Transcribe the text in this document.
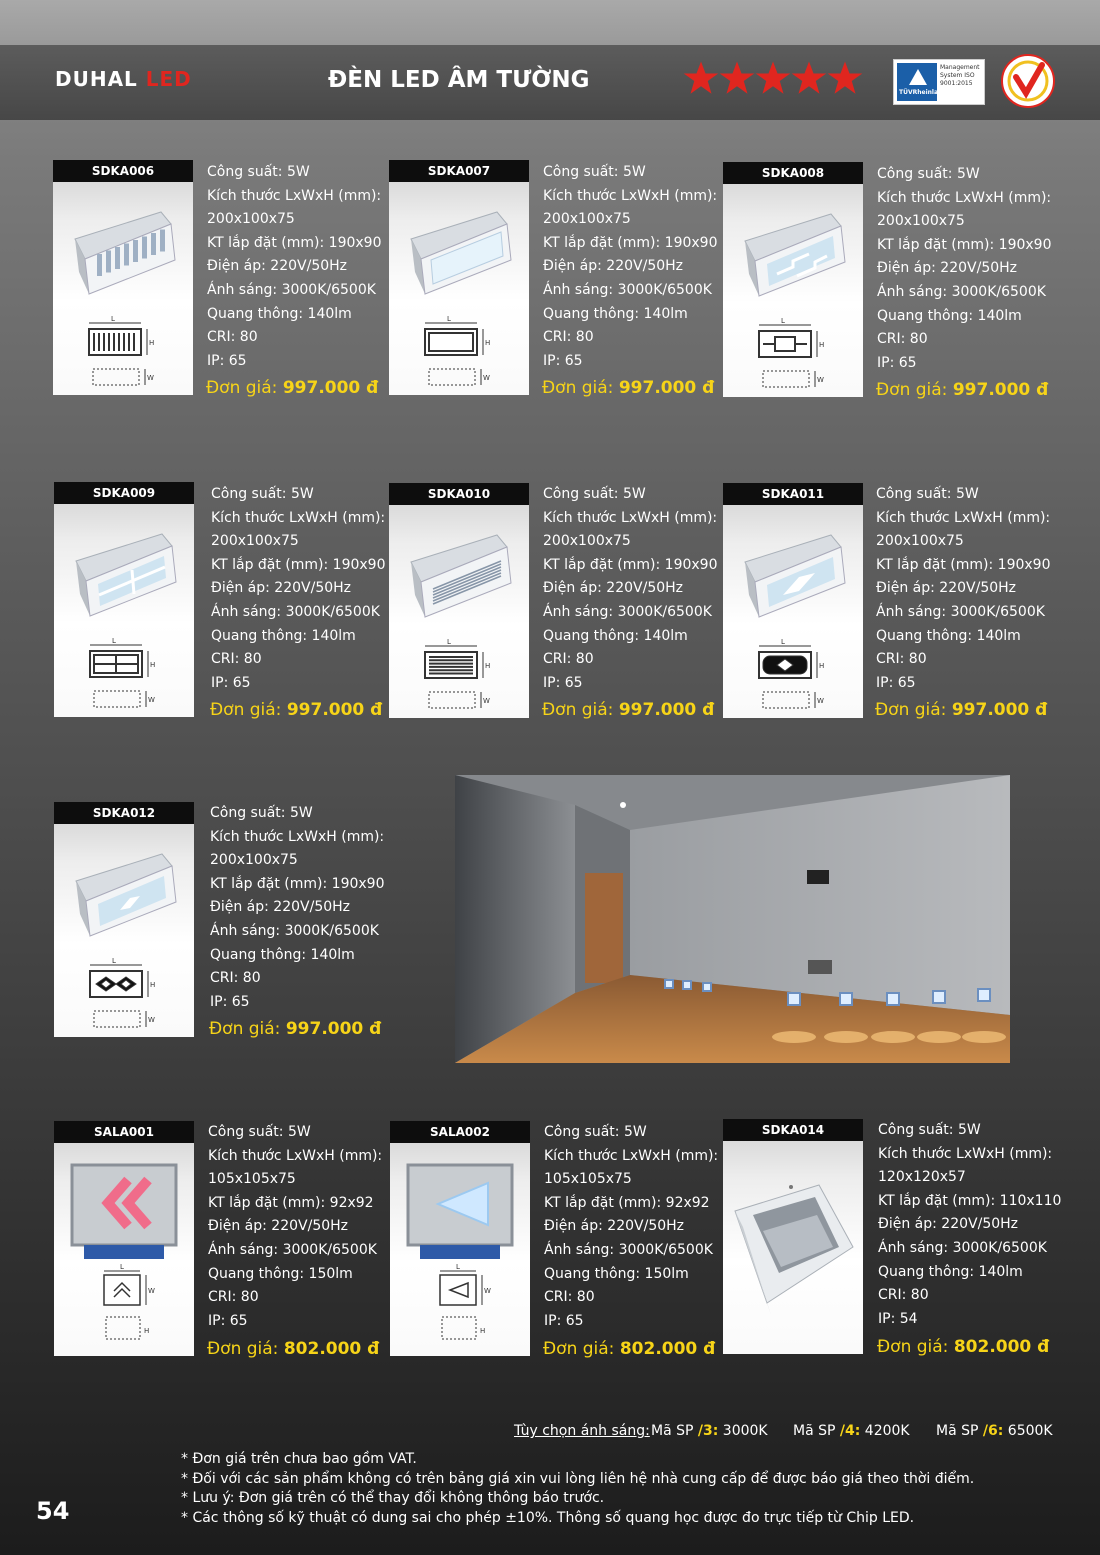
DUHAL LED	ĐÈN LED ÂM TƯỜNG	TÜVRheinland
Management System ISO 9001:2015
SDKA006
L
H
W
Công suất: 5W
Kích thước LxWxH (mm):
200x100x75
KT lắp đặt (mm): 190x90
Điện áp: 220V/50Hz
Ánh sáng: 3000K/6500K
Quang thông: 140lm
CRI: 80
IP: 65
Đơn giá: 997.000 đ
SDKA007
L
H
W
Công suất: 5W
Kích thước LxWxH (mm):
200x100x75
KT lắp đặt (mm): 190x90
Điện áp: 220V/50Hz
Ánh sáng: 3000K/6500K
Quang thông: 140lm
CRI: 80
IP: 65
Đơn giá: 997.000 đ
SDKA008
L
H
W
Công suất: 5W
Kích thước LxWxH (mm):
200x100x75
KT lắp đặt (mm): 190x90
Điện áp: 220V/50Hz
Ánh sáng: 3000K/6500K
Quang thông: 140lm
CRI: 80
IP: 65
Đơn giá: 997.000 đ
SDKA009
L
H
W
Công suất: 5W
Kích thước LxWxH (mm):
200x100x75
KT lắp đặt (mm): 190x90
Điện áp: 220V/50Hz
Ánh sáng: 3000K/6500K
Quang thông: 140lm
CRI: 80
IP: 65
Đơn giá: 997.000 đ
SDKA010
L
H
W
Công suất: 5W
Kích thước LxWxH (mm):
200x100x75
KT lắp đặt (mm): 190x90
Điện áp: 220V/50Hz
Ánh sáng: 3000K/6500K
Quang thông: 140lm
CRI: 80
IP: 65
Đơn giá: 997.000 đ
SDKA011
L
H
W
Công suất: 5W
Kích thước LxWxH (mm):
200x100x75
KT lắp đặt (mm): 190x90
Điện áp: 220V/50Hz
Ánh sáng: 3000K/6500K
Quang thông: 140lm
CRI: 80
IP: 65
Đơn giá: 997.000 đ
SDKA012
L
H
W
Công suất: 5W
Kích thước LxWxH (mm):
200x100x75
KT lắp đặt (mm): 190x90
Điện áp: 220V/50Hz
Ánh sáng: 3000K/6500K
Quang thông: 140lm
CRI: 80
IP: 65
Đơn giá: 997.000 đ
SALA001
L
W
H
Công suất: 5W
Kích thước LxWxH (mm):
105x105x75
KT lắp đặt (mm): 92x92
Điện áp: 220V/50Hz
Ánh sáng: 3000K/6500K
Quang thông: 150lm
CRI: 80
IP: 65
Đơn giá: 802.000 đ
SALA002
L
W
H
Công suất: 5W
Kích thước LxWxH (mm):
105x105x75
KT lắp đặt (mm): 92x92
Điện áp: 220V/50Hz
Ánh sáng: 3000K/6500K
Quang thông: 150lm
CRI: 80
IP: 65
Đơn giá: 802.000 đ
SDKA014	Công suất: 5W
Kích thước LxWxH (mm):
120x120x57
KT lắp đặt (mm): 110x110
Điện áp: 220V/50Hz
Ánh sáng: 3000K/6500K
Quang thông: 140lm
CRI: 80
IP: 54
Đơn giá: 802.000 đ
Tùy chọn ánh sáng: Mã SP /3: 3000K Mã SP /4: 4200K Mã SP /6: 6500K
* Đơn giá trên chưa bao gồm VAT.
* Đối với các sản phẩm không có trên bảng giá xin vui lòng liên hệ nhà cung cấp để được báo giá theo thời điểm.
* Lưu ý: Đơn giá trên có thể thay đổi không thông báo trước.
* Các thông số kỹ thuật có dung sai cho phép ±10%. Thông số quang học được đo trực tiếp từ Chip LED.
54
